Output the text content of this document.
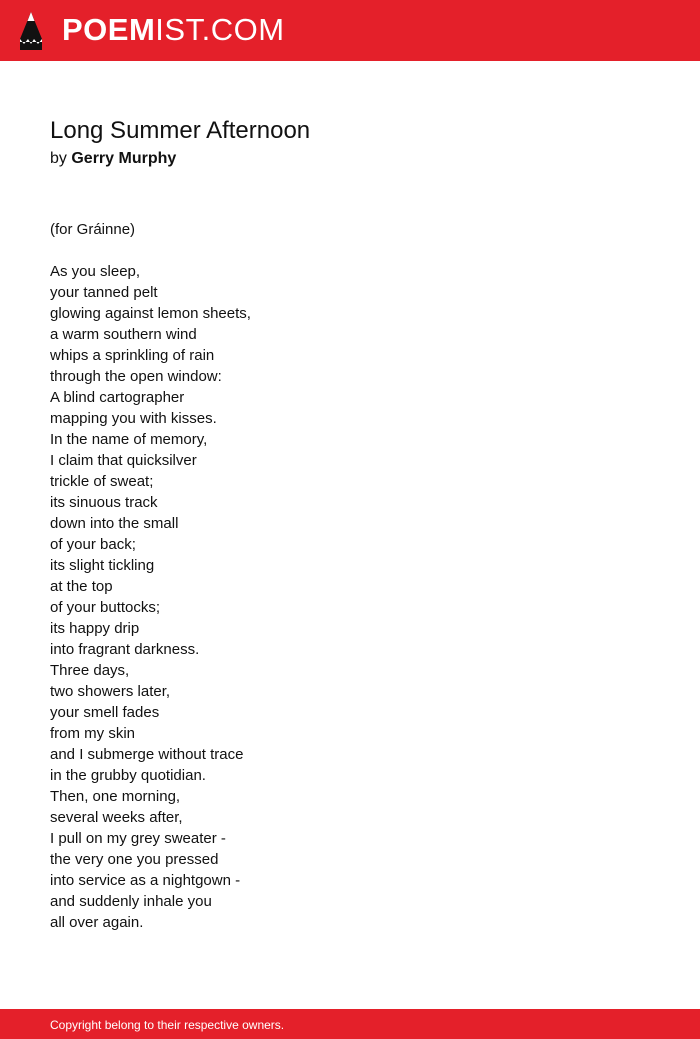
POEMIST.COM
Long Summer Afternoon
by Gerry Murphy
(for Gráinne)
As you sleep,
your tanned pelt
glowing against lemon sheets,
a warm southern wind
whips a sprinkling of rain
through the open window:
A blind cartographer
mapping you with kisses.
In the name of memory,
I claim that quicksilver
trickle of sweat;
its sinuous track
down into the small
of your back;
its slight tickling
at the top
of your buttocks;
its happy drip
into fragrant darkness.
Three days,
two showers later,
your smell fades
from my skin
and I submerge without trace
in the grubby quotidian.
Then, one morning,
several weeks after,
I pull on my grey sweater -
the very one you pressed
into service as a nightgown -
and suddenly inhale you
all over again.
Copyright belong to their respective owners.
